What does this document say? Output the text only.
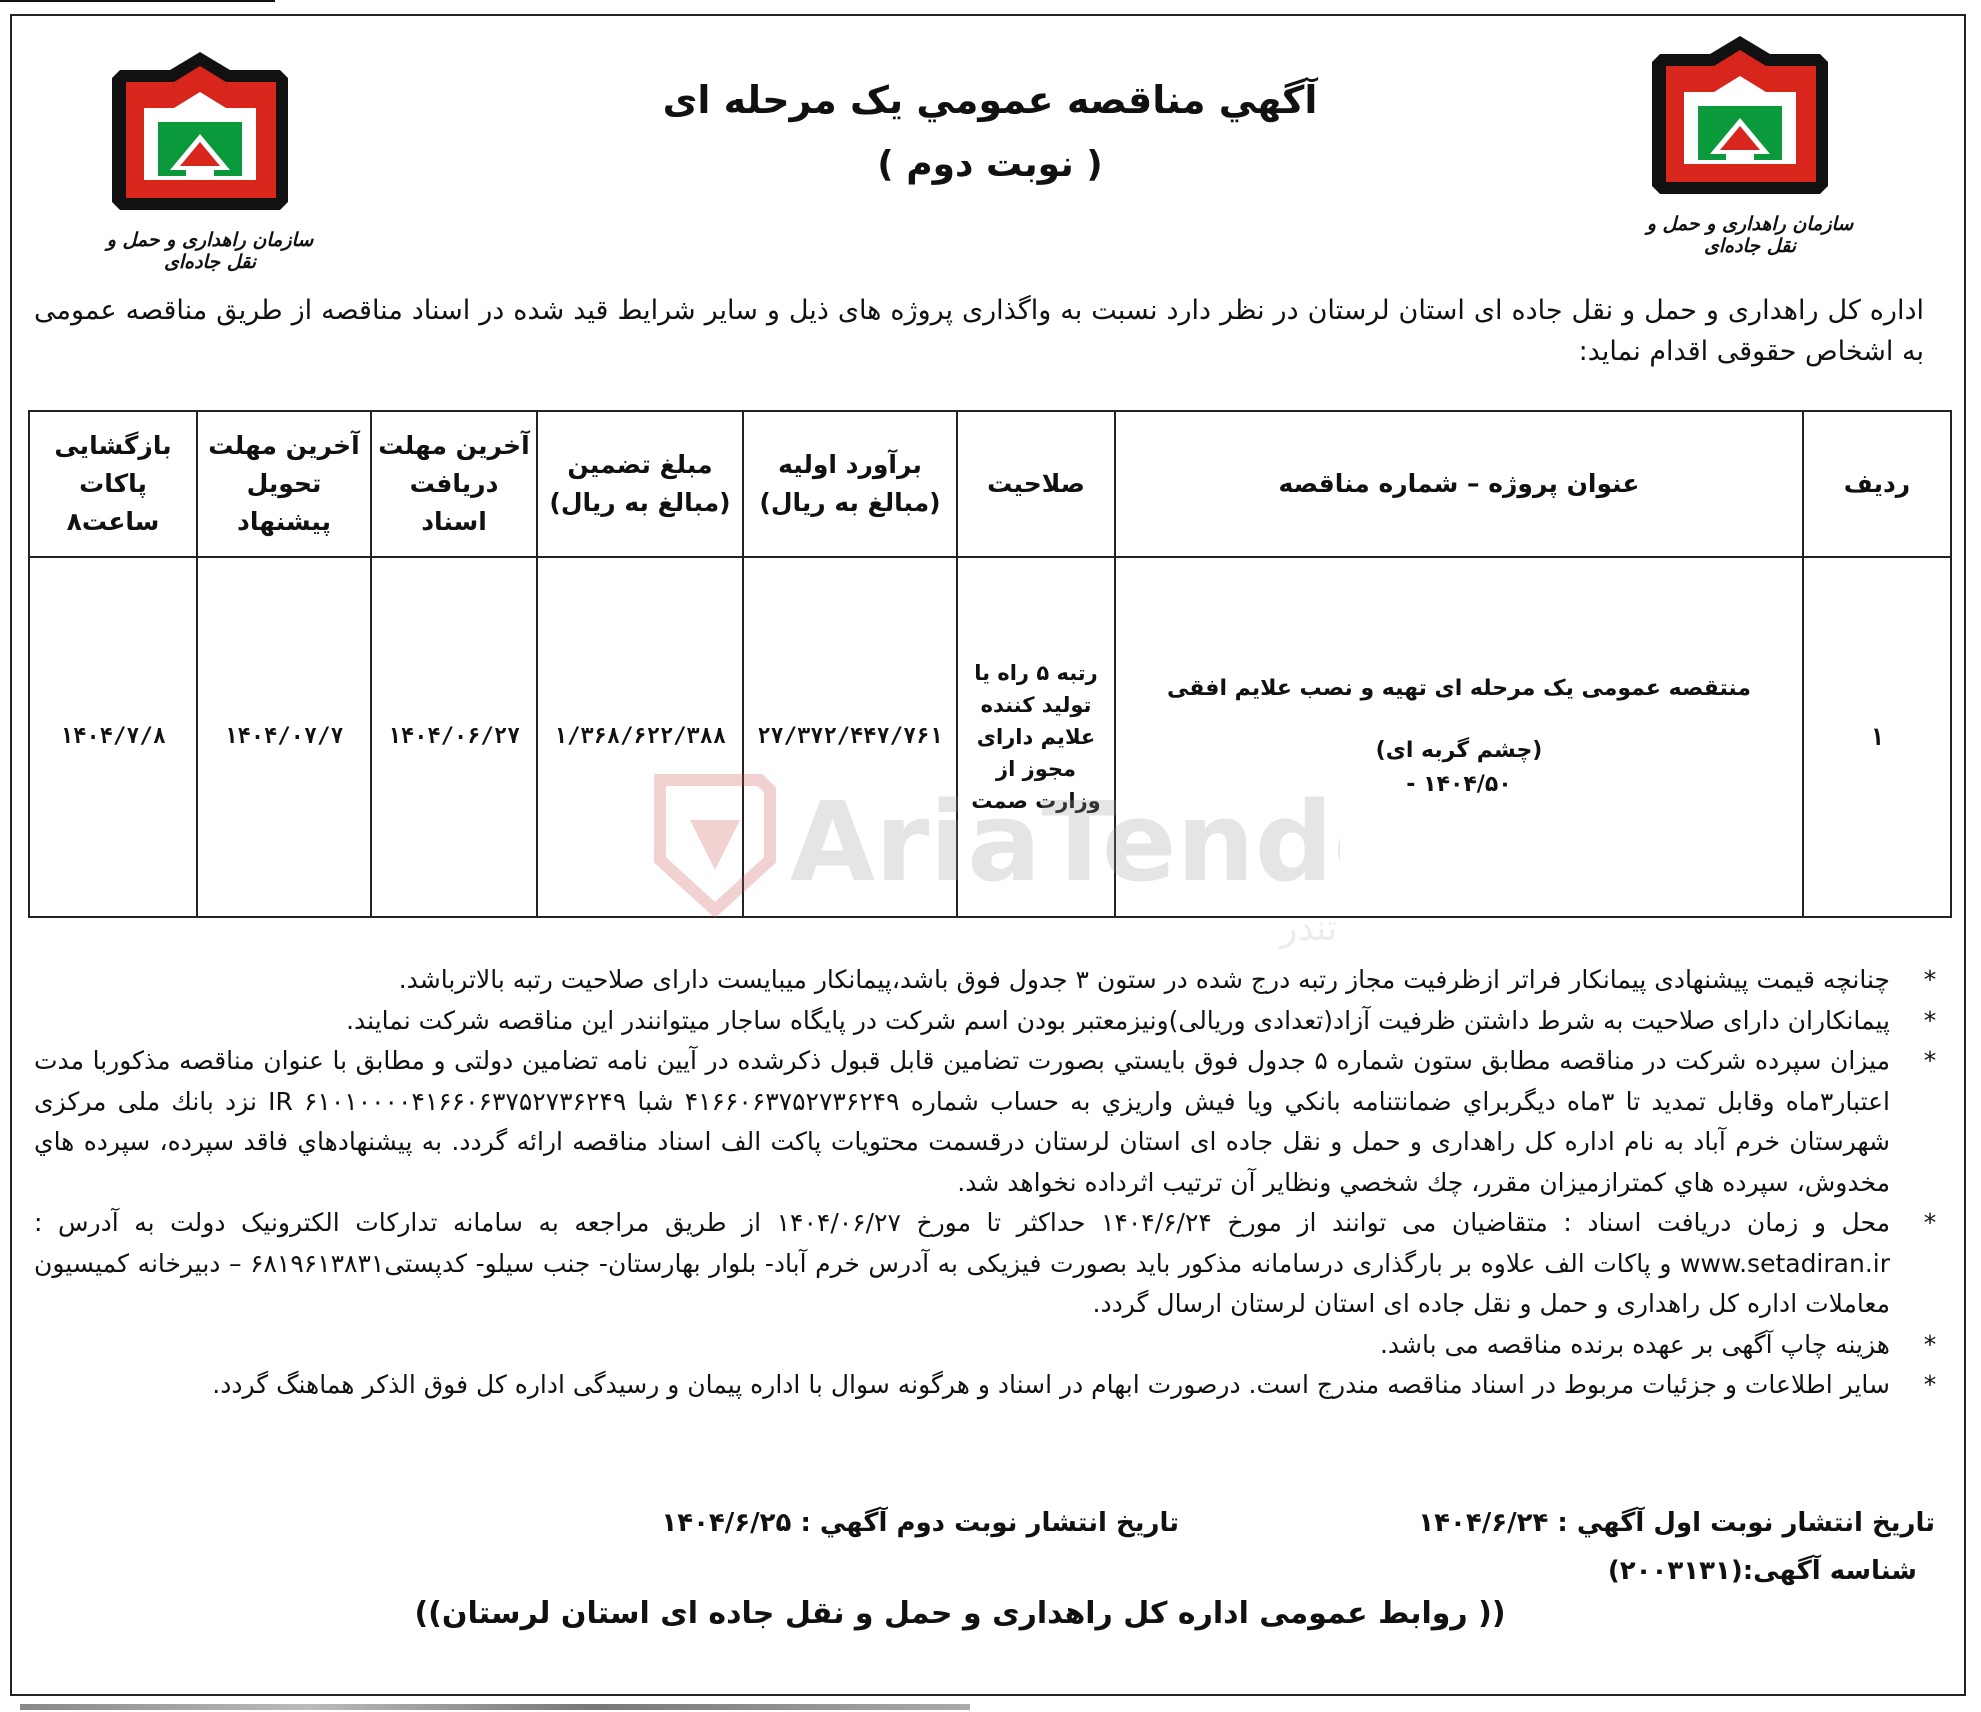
سازمان راهداری و حمل و نقل جاده‌ای
سازمان راهداری و حمل و نقل جاده‌ای
آگهي مناقصه عمومي يک مرحله ای
( نوبت دوم )
اداره کل راهداری و حمل و نقل جاده ای استان لرستان در نظر دارد نسبت به واگذاری پروژه های ذیل و سایر شرایط قید شده در اسناد مناقصه از طریق مناقصه عمومی به اشخاص حقوقی اقدام نماید:
ردیف	عنوان پروژه – شماره مناقصه	صلاحیت	برآورد اولیه (مبالغ به ریال)	مبلغ تضمین (مبالغ به ریال)	آخرین مهلت دریافت اسناد	آخرین مهلت تحویل پیشنهاد	بازگشایی پاکات ساعت۸
۱	منتقصه عمومی یک مرحله ای تهیه و نصب علایم افقی
(چشم گربه ای)
۱۴۰۴/۵۰ -	رتبه ۵ راه یا تولید کننده علایم دارای مجوز از وزارت صمت	۲۷/۳۷۲/۴۴۷/۷۶۱	۱/۳۶۸/۶۲۲/۳۸۸	۱۴۰۴/۰۶/۲۷	۱۴۰۴/۰۷/۷	۱۴۰۴/۷/۸
AriaTend
تندر
*
چنانچه قیمت پیشنهادی پیمانکار فراتر ازظرفیت مجاز رتبه درج شده در ستون ۳ جدول فوق باشد،پیمانکار میبایست دارای صلاحیت رتبه بالاترباشد.
*
پیمانکاران دارای صلاحیت به شرط داشتن ظرفیت آزاد(تعدادی وریالی)ونیزمعتبر بودن اسم شرکت در پایگاه ساجار میتوانندر این مناقصه شرکت نمایند.
*
ميزان سپرده شرکت در مناقصه مطابق ستون شماره ۵ جدول فوق بايستي بصورت تضامین قابل قبول ذکرشده در آیین نامه تضامین دولتی و مطابق با عنوان مناقصه مذکوربا مدت اعتبار۳ماه وقابل تمدید تا ۳ماه ديگربراي ضمانتنامه بانكي ويا فيش واريزي به حساب شماره ۴۱۶۶۰۶۳۷۵۲۷۳۶۲۴۹ شبا IR ۶۱۰۱۰۰۰۰۴۱۶۶۰۶۳۷۵۲۷۳۶۲۴۹ نزد بانك ملی مرکزی شهرستان خرم آباد به نام اداره کل راهداری و حمل و نقل جاده ای استان لرستان درقسمت محتويات پاكت الف اسناد مناقصه ارائه گردد. به پيشنهادهاي فاقد سپرده، سپرده هاي مخدوش، سپرده هاي كمترازميزان مقرر، چك شخصي ونظاير آن ترتيب اثرداده نخواهد شد.
*
محل و زمان دریافت اسناد : متقاضیان می توانند از مورخ ۱۴۰۴/۶/۲۴ حداکثر تا مورخ ۱۴۰۴/۰۶/۲۷ از طریق مراجعه به سامانه تدارکات الکترونیک دولت به آدرس : www.setadiran.ir و پاکات الف علاوه بر بارگذاری درسامانه مذکور باید بصورت فیزیکی به آدرس خرم آباد- بلوار بهارستان- جنب سیلو- کدپستی۶۸۱۹۶۱۳۸۳۱ – دبیرخانه کمیسیون معاملات اداره کل راهداری و حمل و نقل جاده ای استان لرستان ارسال گردد.
*
هزینه چاپ آگهی بر عهده برنده مناقصه می باشد.
*
سایر اطلاعات و جزئیات مربوط در اسناد مناقصه مندرج است. درصورت ابهام در اسناد و هرگونه سوال با اداره پیمان و رسیدگی اداره کل فوق الذکر هماهنگ گردد.
تاریخ انتشار نوبت اول آگهي : ۱۴۰۴/۶/۲۴
تاریخ انتشار نوبت دوم آگهي : ۱۴۰۴/۶/۲۵
شناسه آگهی:(۲۰۰۳۱۳۱)
(( روابط عمومی اداره کل راهداری و حمل و نقل جاده ای استان لرستان))
